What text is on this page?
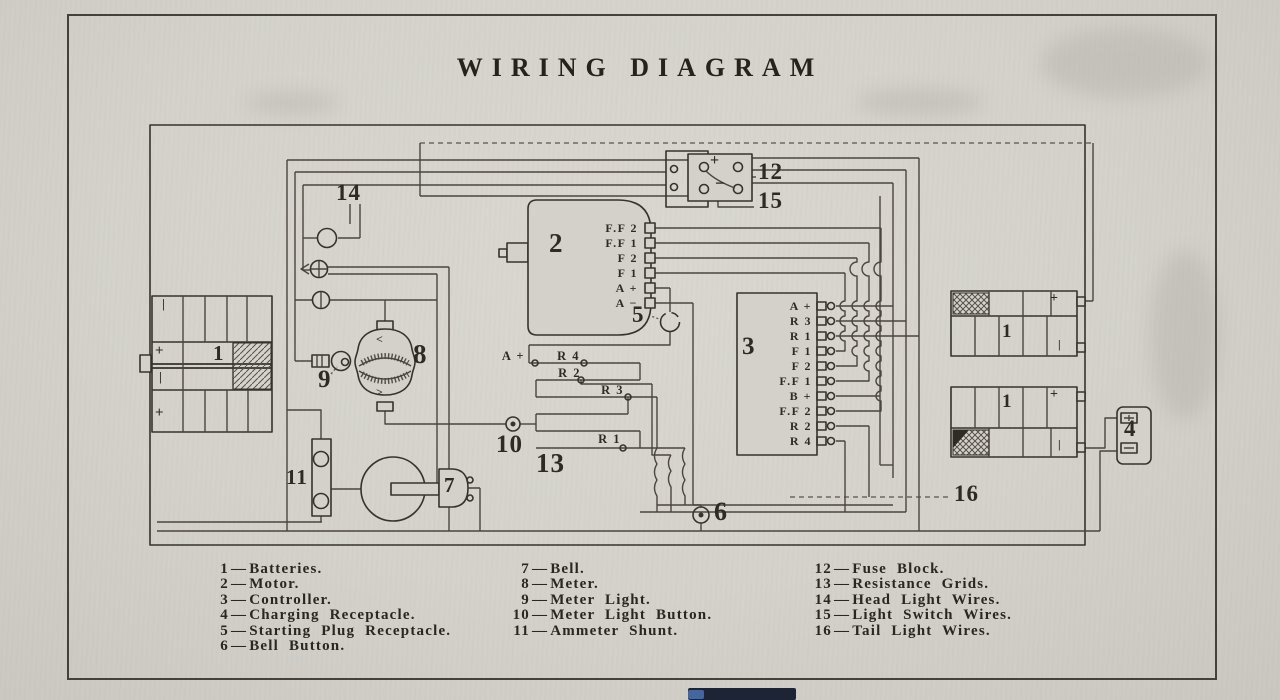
WIRING DIAGRAM
2
3
4
5
6
7
8
9
10
11
12
13
14	15
16
1
1
1
F.F 2
F.F 1
F 2
F 1
A +
A −	A +
R 3
R 1
F 1
F 2
F.F 1
B +
F.F 2
R 2
R 4
A +	R 4
R 2
R 3
R 1
+
−
|
+
|
+
+
|
+
|
<
>
1 — Batteries.
2 — Motor.
3 — Controller.
4 — Charging Receptacle.
5 — Starting Plug Receptacle.
6 — Bell Button.
7 — Bell.
8 — Meter.
9 — Meter Light.
10 — Meter Light Button.
11 — Ammeter Shunt.
12 — Fuse Block.
13 — Resistance Grids.
14 — Head Light Wires.
15 — Light Switch Wires.
16 — Tail Light Wires.
